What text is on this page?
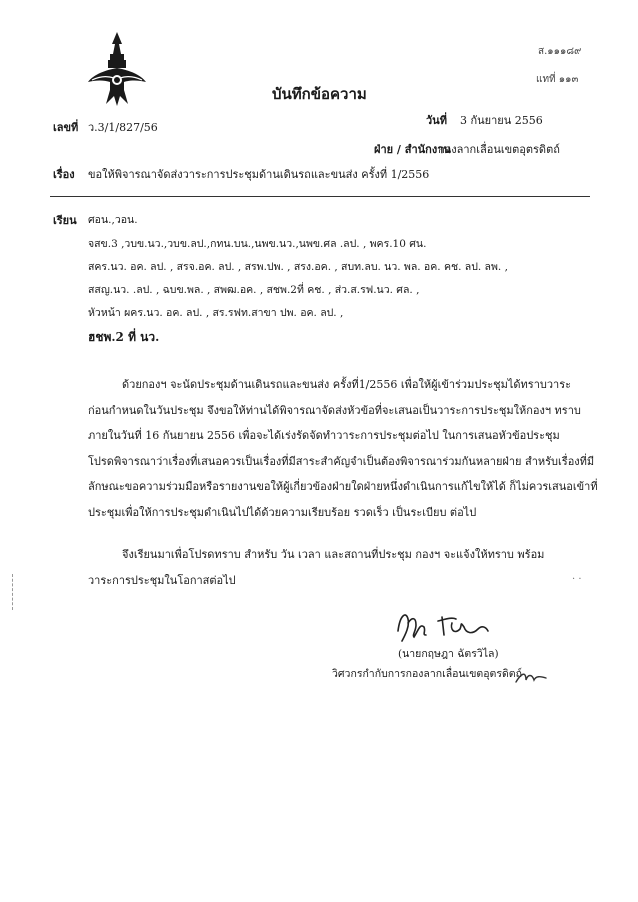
ส.๑๑๑๘๙
แทที่ ๑๑๓
บันทึกข้อความ
เลขที่ ว.3/1/827/56
วันที่ 3 กันยายน 2556
ฝ่าย / สำนักงาน
กองลากเลื่อนเขตอุตรดิตถ์
เรื่อง ขอให้พิจารณาจัดส่งวาระการประชุมด้านเดินรถและขนส่ง ครั้งที่ 1/2556
เรียน ศอน.,วอน.
จสข.3 ,วบข.นว.,วบข.ลป.,กทน.บน.,นพข.นว.,นพข.ศล .ลป. , พคร.10 ศน.
สคร.นว. อค. ลป. , สรจ.อค. ลป. , สรพ.ปพ. , สรง.อค. , สบท.ลบ. นว. พล. อค. คช. ลป. ลพ. ,
สสญ.นว. .ลป. , ฉบข.พล. , สพฒ.อค. , สชพ.2ที่ คช. , ส่ว.ส.รฟ.นว. ศล. ,
หัวหน้า ผคร.นว. อค. ลป. , สร.รฟท.สาขา ปพ. อค. ลป. ,
ฮชพ.2 ที่ นว.
ด้วยกองฯ จะนัดประชุมด้านเดินรถและขนส่ง ครั้งที่1/2556 เพื่อให้ผู้เข้าร่วมประชุมได้ทราบวาระ
ก่อนกำหนดในวันประชุม จึงขอให้ท่านได้พิจารณาจัดส่งหัวข้อที่จะเสนอเป็นวาระการประชุมให้กองฯ ทราบ
ภายในวันที่ 16 กันยายน 2556 เพื่อจะได้เร่งรัดจัดทำวาระการประชุมต่อไป ในการเสนอหัวข้อประชุม
โปรดพิจารณาว่าเรื่องที่เสนอควรเป็นเรื่องที่มีสาระสำคัญจำเป็นต้องพิจารณาร่วมกันหลายฝ่าย สำหรับเรื่องที่มี
ลักษณะขอความร่วมมือหรือรายงานขอให้ผู้เกี่ยวข้องฝ่ายใดฝ่ายหนึ่งดำเนินการแก้ไขให้ได้ ก็ไม่ควรเสนอเข้าที่
ประชุมเพื่อให้การประชุมดำเนินไปได้ด้วยความเรียบร้อย รวดเร็ว เป็นระเบียบ ต่อไป
จึงเรียนมาเพื่อโปรดทราบ สำหรับ วัน เวลา และสถานที่ประชุม กองฯ จะแจ้งให้ทราบ พร้อม
วาระการประชุมในโอกาสต่อไป	· ·
(นายกฤษฎา ฉัตรวิไล)
วิศวกรกำกับการกองลากเลื่อนเขตอุตรดิตถ์
